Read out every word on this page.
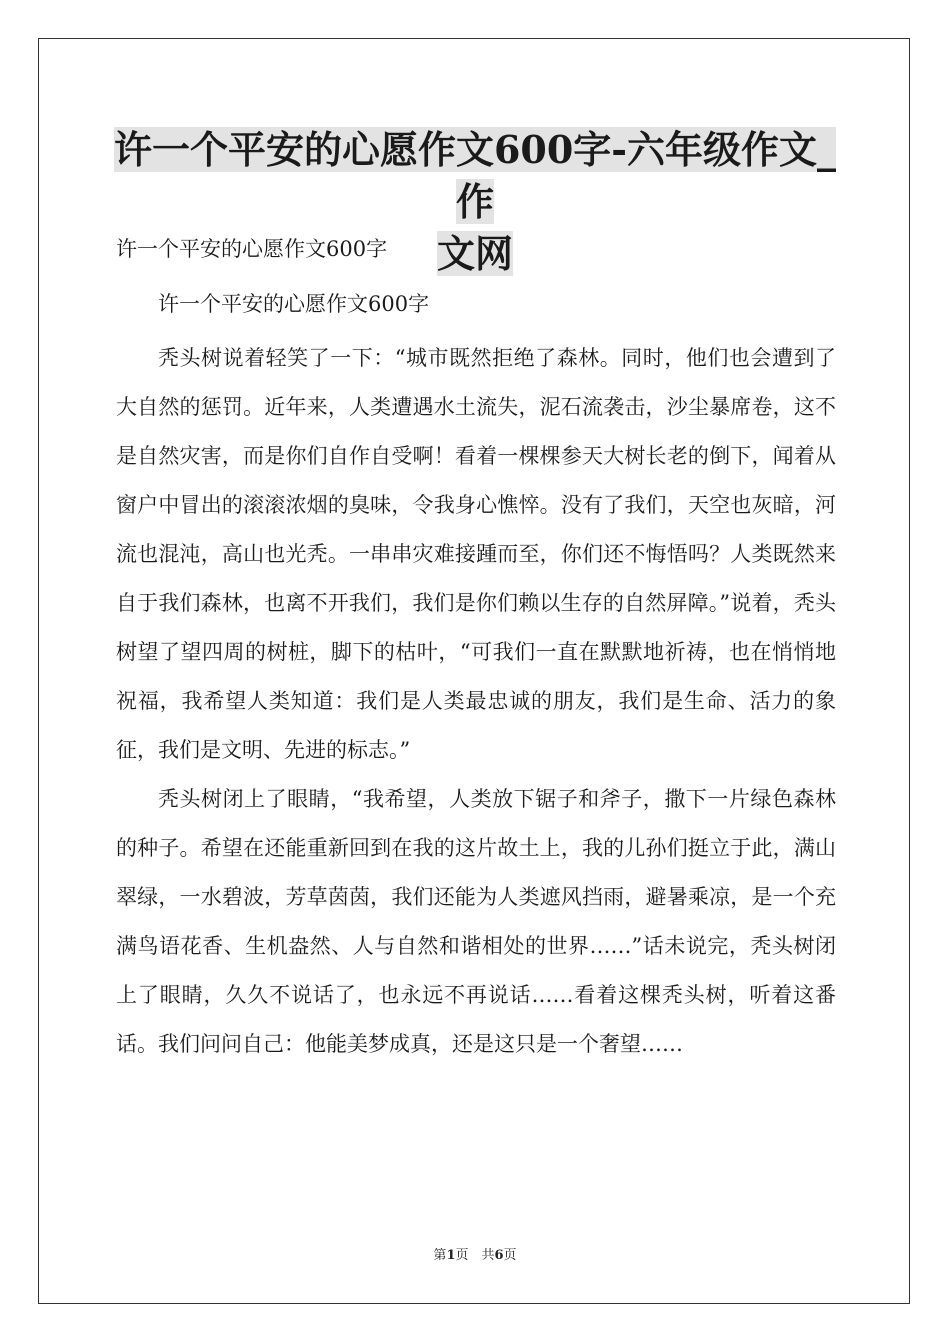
许一个平安的心愿作文600字-六年级作文_作
文网
许一个平安的心愿作文600字

许一个平安的心愿作文600字

秃头树说着轻笑了一下：“城市既然拒绝了森林。同时，他们也会遭到了大自然的惩罚。近年来，人类遭遇水土流失，泥石流袭击，沙尘暴席卷，这不是自然灾害，而是你们自作自受啊！看着一棵棵参天大树长老的倒下，闻着从窗户中冒出的滚滚浓烟的臭味，令我身心憔悴。没有了我们，天空也灰暗，河流也混沌，高山也光秃。一串串灾难接踵而至，你们还不悔悟吗？人类既然来自于我们森林，也离不开我们，我们是你们赖以生存的自然屏障。”说着，秃头树望了望四周的树桩，脚下的枯叶，“可我们一直在默默地祈祷，也在悄悄地祝福，我希望人类知道：我们是人类最忠诚的朋友，我们是生命、活力的象征，我们是文明、先进的标志。”

秃头树闭上了眼睛，“我希望，人类放下锯子和斧子，撒下一片绿色森林的种子。希望在还能重新回到在我的这片故土上，我的儿孙们挺立于此，满山翠绿，一水碧波，芳草茵茵，我们还能为人类遮风挡雨，避暑乘凉，是一个充满鸟语花香、生机盎然、人与自然和谐相处的世界……”话未说完，秃头树闭上了眼睛，久久不说话了，也永远不再说话……看着这棵秃头树，听着这番话。我们问问自己：他能美梦成真，还是这只是一个奢望……

第1页　共6页
